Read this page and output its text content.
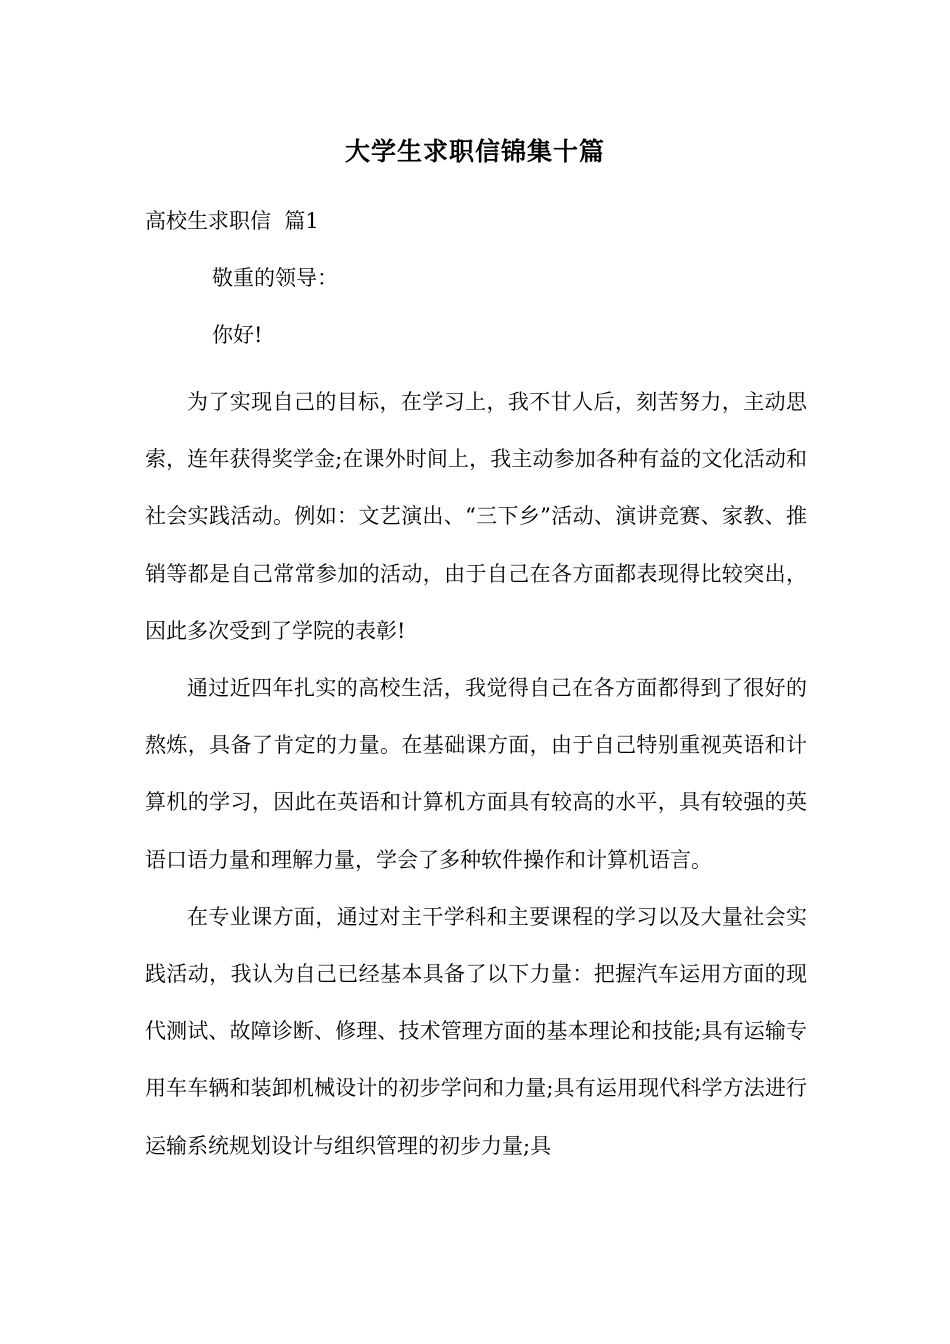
大学生求职信锦集十篇
高校生求职信  篇1
敬重的领导：
你好!

为了实现自己的目标，在学习上，我不甘人后，刻苦努力，主动思索，连年获得奖学金;在课外时间上，我主动参加各种有益的文化活动和社会实践活动。例如：文艺演出、“三下乡”活动、演讲竞赛、家教、推销等都是自己常常参加的活动，由于自己在各方面都表现得比较突出，因此多次受到了学院的表彰!

通过近四年扎实的高校生活，我觉得自己在各方面都得到了很好的熬炼，具备了肯定的力量。在基础课方面，由于自己特别重视英语和计算机的学习，因此在英语和计算机方面具有较高的水平，具有较强的英语口语力量和理解力量，学会了多种软件操作和计算机语言。

在专业课方面，通过对主干学科和主要课程的学习以及大量社会实践活动，我认为自己已经基本具备了以下力量：把握汽车运用方面的现代测试、故障诊断、修理、技术管理方面的基本理论和技能;具有运输专用车车辆和装卸机械设计的初步学问和力量;具有运用现代科学方法进行运输系统规划设计与组织管理的初步力量;具
